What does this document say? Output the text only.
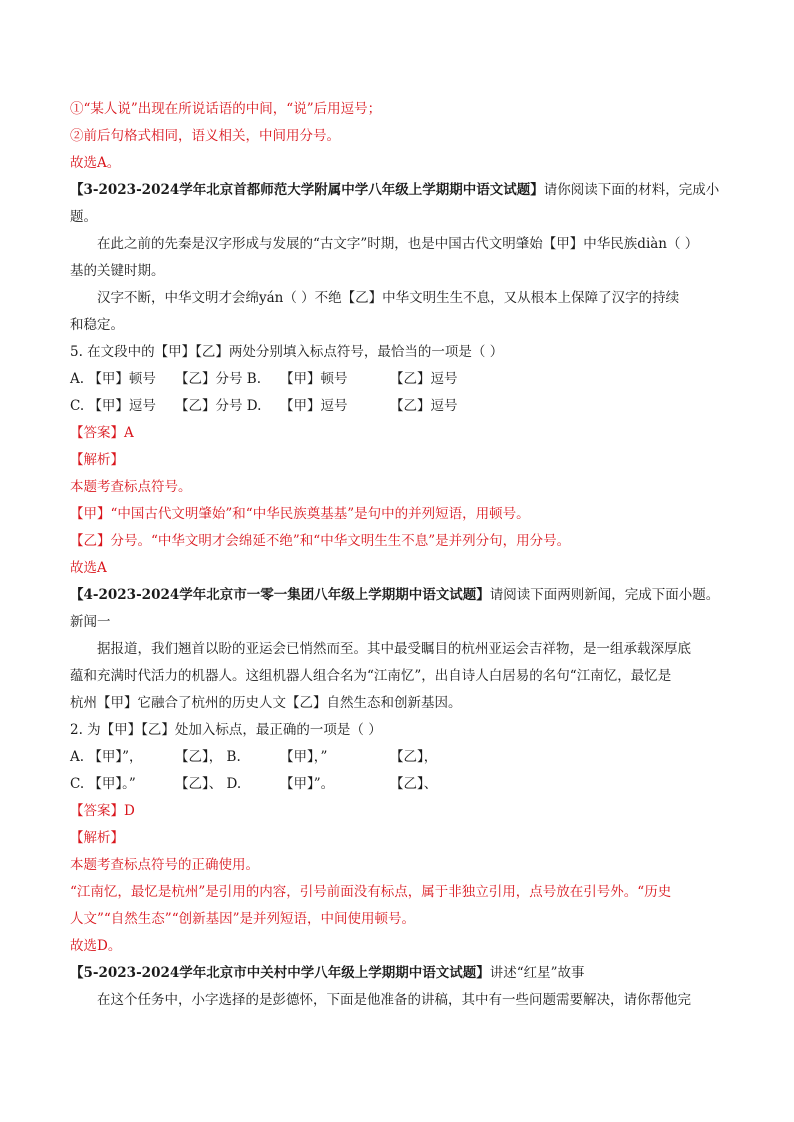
①“某人说”出现在所说话语的中间，“说”后用逗号；
②前后句格式相同，语义相关，中间用分号。
故选A。
【3-2023-2024学年北京首都师范大学附属中学八年级上学期期中语文试题】请你阅读下面的材料，完成小
题。
在此之前的先秦是汉字形成与发展的“古文字”时期，也是中国古代文明肇始【甲】中华民族diàn（ ）
基的关键时期。
汉字不断，中华文明才会绵yán（ ）不绝【乙】中华文明生生不息，又从根本上保障了汉字的持续
和稳定。
5. 在文段中的【甲】【乙】两处分别填入标点符号，最恰当的一项是（ ）
A. 【甲】顿号 【乙】分号 B. 【甲】顿号	【乙】逗号
C. 【甲】逗号 【乙】分号 D. 【甲】逗号	【乙】逗号
【答案】A
【解析】
本题考查标点符号。
【甲】“中国古代文明肇始”和“中华民族奠基基”是句中的并列短语，用顿号。
【乙】分号。“中华文明才会绵延不绝”和“中华文明生生不息”是并列分句，用分号。
故选A
【4-2023-2024学年北京市一零一集团八年级上学期期中语文试题】请阅读下面两则新闻，完成下面小题。
新闻一
据报道，我们翘首以盼的亚运会已悄然而至。其中最受瞩目的杭州亚运会吉祥物，是一组承载深厚底
蕴和充满时代活力的机器人。这组机器人组合名为“江南忆”，出自诗人白居易的名句“江南忆，最忆是
杭州【甲】它融合了杭州的历史人文【乙】自然生态和创新基因。
2. 为【甲】【乙】处加入标点，最正确的一项是（ ）
A. 【甲】”， 【乙】， B.	【甲】，”	【乙】，
C. 【甲】。”	【乙】、 D.	【甲】”。	【乙】、
【答案】D
【解析】
本题考查标点符号的正确使用。
“江南忆，最忆是杭州”是引用的内容，引号前面没有标点，属于非独立引用，点号放在引号外。“历史
人文”“自然生态”“创新基因”是并列短语，中间使用顿号。
故选D。
【5-2023-2024学年北京市中关村中学八年级上学期期中语文试题】讲述“红星”故事
在这个任务中，小字选择的是彭德怀，下面是他准备的讲稿，其中有一些问题需要解决，请你帮他完
